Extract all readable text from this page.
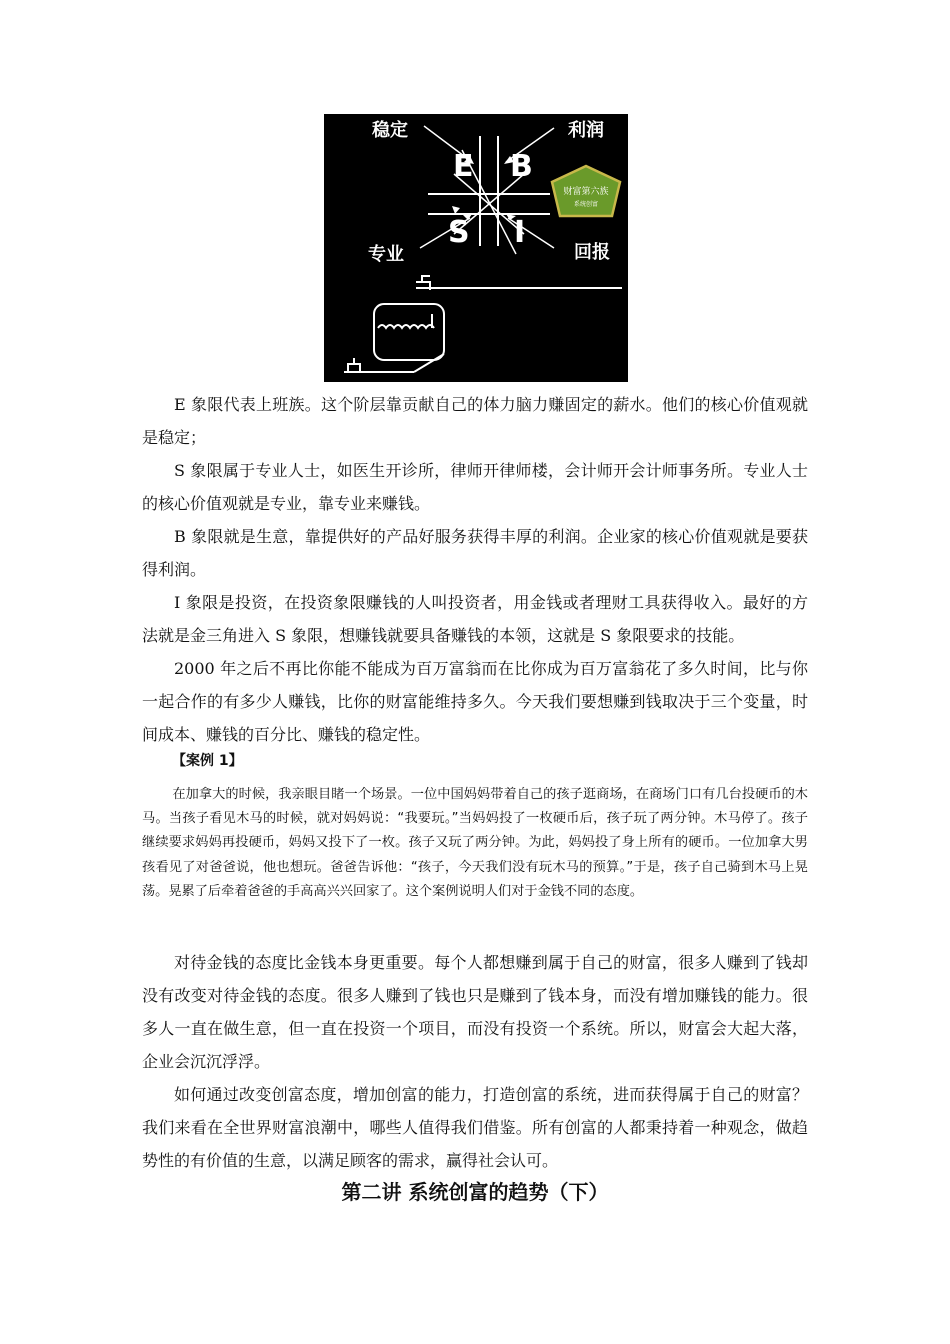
E B
S I
稳定	利润
专业	回报
财富第六族
系统创富

E 象限代表上班族。这个阶层靠贡献自己的体力脑力赚固定的薪水。他们的核心价值观就是稳定；

S 象限属于专业人士，如医生开诊所，律师开律师楼，会计师开会计师事务所。专业人士的核心价值观就是专业，靠专业来赚钱。

B 象限就是生意，靠提供好的产品好服务获得丰厚的利润。企业家的核心价值观就是要获得利润。

I 象限是投资，在投资象限赚钱的人叫投资者，用金钱或者理财工具获得收入。最好的方法就是金三角进入 S 象限，想赚钱就要具备赚钱的本领，这就是 S 象限要求的技能。

2000 年之后不再比你能不能成为百万富翁而在比你成为百万富翁花了多久时间，比与你一起合作的有多少人赚钱，比你的财富能维持多久。今天我们要想赚到钱取决于三个变量，时间成本、赚钱的百分比、赚钱的稳定性。

【案例 1】

在加拿大的时候，我亲眼目睹一个场景。一位中国妈妈带着自己的孩子逛商场，在商场门口有几台投硬币的木马。当孩子看见木马的时候，就对妈妈说：“我要玩。”当妈妈投了一枚硬币后，孩子玩了两分钟。木马停了。孩子继续要求妈妈再投硬币，妈妈又投下了一枚。孩子又玩了两分钟。为此，妈妈投了身上所有的硬币。一位加拿大男孩看见了对爸爸说，他也想玩。爸爸告诉他：“孩子，今天我们没有玩木马的预算。”于是，孩子自己骑到木马上晃荡。晃累了后牵着爸爸的手高高兴兴回家了。这个案例说明人们对于金钱不同的态度。

对待金钱的态度比金钱本身更重要。每个人都想赚到属于自己的财富，很多人赚到了钱却没有改变对待金钱的态度。很多人赚到了钱也只是赚到了钱本身，而没有增加赚钱的能力。很多人一直在做生意，但一直在投资一个项目，而没有投资一个系统。所以，财富会大起大落，企业会沉沉浮浮。

如何通过改变创富态度，增加创富的能力，打造创富的系统，进而获得属于自己的财富？我们来看在全世界财富浪潮中，哪些人值得我们借鉴。所有创富的人都秉持着一种观念，做趋势性的有价值的生意，以满足顾客的需求，赢得社会认可。

第二讲 系统创富的趋势（下）
